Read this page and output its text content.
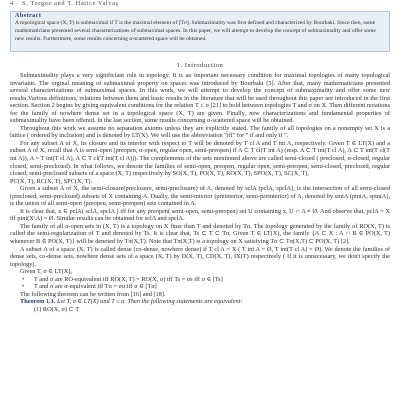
4 S. Torgoz and T. Hatice Yalvaç

Abstract

A topological space (X, T) is submaximal if T is the maximal element of [Tσ]. Submaximality was first defined and characterized by Bourbaki. Since then, some mathematicians presented several characterizations of submaximal spaces. In this paper, we will attempt to develop the concept of submaximality and offer some new results. Furthermore, some results concerning α-scattered space will be obtained.

1. Introduction

Submaximality plays a very significiant role in topology. It is an important necessary condition for maximal topologies of many topological invariants. The orginal meaning of submaximal property on spaces was introduced by Bourbaki [5]. After that, many mathematicians presented several characterizations of submaximal spaces. In this work, we will attempt to develop the concept of submaximality and offer some new results.Various definitions, relations between them and basic results in the literature that will be used throughout this paper are introduced in the first section. Section 2 begins by giving equivalent conditions for the relation T ≤ σ [21] to hold between topologies T and σ on X. Then different notations for the family of nowhere dense set in a topological space (X, T) are given. Finally, new characterizations and fundamental properties of submaximality have been offered. In the last section, some results concerning α-scattered space will be obtained.

Throughout this work we assume no separation axioms unless they are explicitly stated. The family of all topologies on a nonempty set X is a lattice ( ordered by inclusion) and is denoted by LT(X). We will use the abbreviation "iff" for " if and only if ".

For any subset A of X, its closure and its interior with respect to T will be denoted by T cl A and T int A, respectively. Given T ∈ LT(X) and a subset A of X, recall that A is semi-open (preopen, α-open, regular open, semi-preopen) if A ⊂ T cl(T int A) (resp. A ⊂ T int(T cl A), A ⊂ T int(T cl(T int A)), A = T int(T cl A), A ⊂ T cl(T int(T cl A))). The complements of the sets mentioned above are called semi-closed ( preclosed, α-closed, regular closed, semi-preclosed). In what follows, we denote the families of semi-open, preopen, regular open, semi-preopen, semi-closed, preclosed, regular closed, semi-preclosed subsets of a space (X, T) respectively by SO(X, T), PO(X, T), RO(X, T), SPO(X, T), SC(X, T),

PC(X, T), RC(X, T), SPC(X, T).

Given a subset A of X, the semi-closure(preclosure, semi-preclosure) of A, denoted by sclA (pclA, spclA), is the intersection of all semi-closed (preclosed, semi-preclosed) subsets of X containing A. Dually, the semi-interior (preinterior, semi-preinterior) of A, denoted by sintA (pintA, spintA), is the union of all semi-open (preopen, semi-preopen) sets contained in A.

It is clear that, x ∈ pclA( sclA, spclA ) iff for any preopen( semi-open, semi-preopen) set U containing x, U ∩ A ≠ Ø. And observe that, pclA = X iff pint(X\A) = Ø. Similar results can be obtained for sclA and spclA.

The family of all α-open sets in (X, T) is a topology on X finer than T and denoted by Tα. The topology generated by the family of RO(X, T) is called the semi-regularization of T and denoted by Ts. It is clear that, Ts ⊂ T ⊂ Tα. Given T ∈ LT(X), the family {A ⊂ X : A ∩ B ∈ PO(X, T) whenever B ∈ PO(X, T)} will be denoted by Tπ(X,T). Note that Tπ(X,T) is a topology on X satisfying Tα ⊂ Tπ(X,T) ⊂ PO(X, T) [2].

A subset A of a space (X, T) is called dense (co-dense, nowhere dense) if T cl A = X ( T int A = Ø, T int(T cl A) = Ø). We denote the families of dense sets, co-dense sets, nowhere dense sets of a space (X, T) by D(X, T), CD(X, T), IX(T) respectively ( If it is unnecessary, we don't specify the topology).

Given T, σ ∈ LT(X),

• T and σ are RO-equivalent iff RO(X, T) = RO(X, σ) iff Ts = σs iff σ ∈ [Ts]

• T and σ are α-equivalent iff Tα = σα iff σ ∈ [Tα]

The following theorem can be written from [16] and [18].

Theorem 1.1. Let T, σ ∈ LT(X) and T ≤ σ. Then the following statements are equivalent:

(1) RO(X, σ) ⊂ T
